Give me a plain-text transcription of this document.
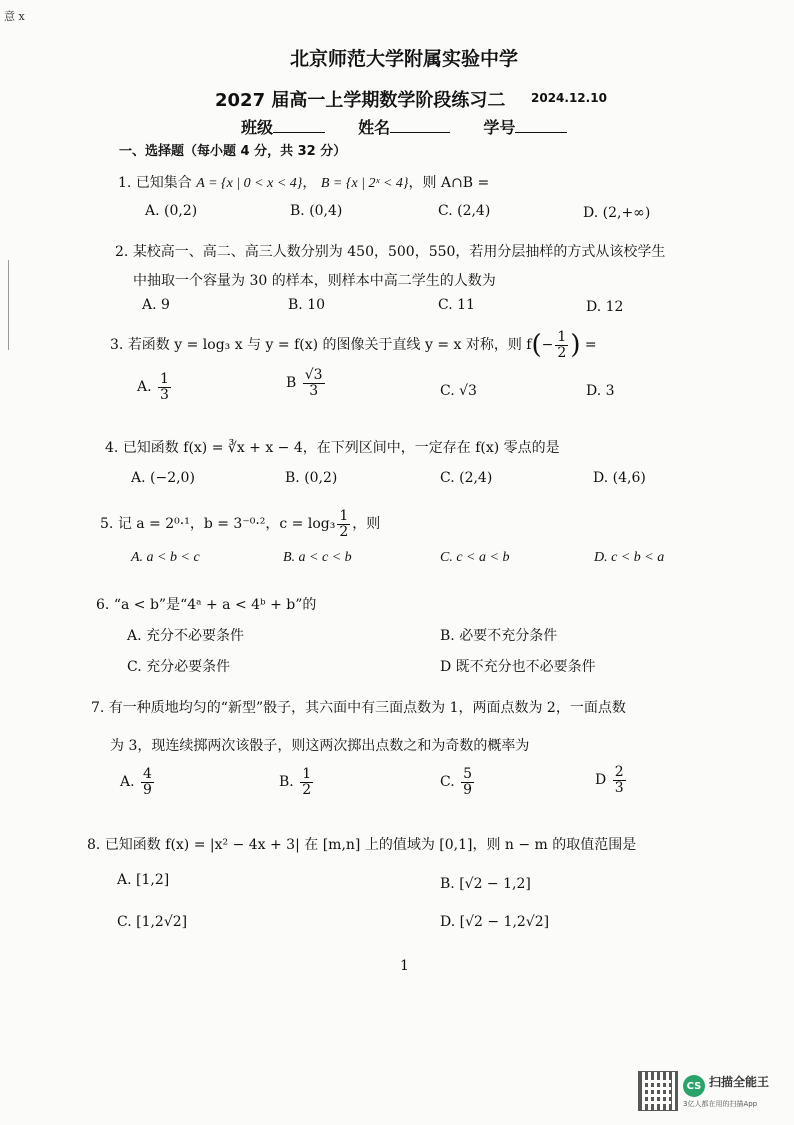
意 x
北京师范大学附属实验中学
2027 届高一上学期数学阶段练习二 2024.12.10
班级	姓名	学号
一、选择题（每小题 4 分，共 32 分）
1. 已知集合 A = {x | 0 < x < 4}， B = {x | 2ˣ < 4}，则 A∩B =
A. (0,2)	B. (0,4)	C. (2,4)	D. (2,+∞)
2. 某校高一、高二、高三人数分别为 450，500，550，若用分层抽样的方式从该校学生
中抽取一个容量为 30 的样本，则样本中高二学生的人数为
A. 9	B. 10	C. 11	D. 12
3. 若函数 y = log₃ x 与 y = f(x) 的图像关于直线 y = x 对称，则 $f(- \frac{1}{2}$ ) =
A. $\frac{1}{3}$	B $\frac{√3}{3}$	C. √3	D. 3
4. 已知函数 f(x) = ∛x + x − 4，在下列区间中，一定存在 f(x) 零点的是
A. (−2,0)	B. (0,2)	C. (2,4)	D. (4,6)
5. 记 a = 2⁰·¹，b = 3⁻⁰·²，$c = \log_3 \frac{1}{2}$ ，则
A. a < b < c	B. a < c < b	C. c < a < b	D. c < b < a
6. “a < b”是“4ᵃ + a < 4ᵇ + b”的
A. 充分不必要条件	B. 必要不充分条件
C. 充分必要条件	D 既不充分也不必要条件
7. 有一种质地均匀的“新型”骰子，其六面中有三面点数为 1，两面点数为 2，一面点数
为 3，现连续掷两次该骰子，则这两次掷出点数之和为奇数的概率为
A. $\frac{4}{9}$	B. $\frac{1}{2}$	C. $\frac{5}{9}$	D $\frac{2}{3}$
8. 已知函数 f(x) = |x² − 4x + 3| 在 [m,n] 上的值域为 [0,1]，则 n − m 的取值范围是
A. [1,2]	B. [√2 − 1,2]
C. [1,2√2]	D. [√2 − 1,2√2]
1
CS 扫描全能王
3亿人都在用的扫描App
